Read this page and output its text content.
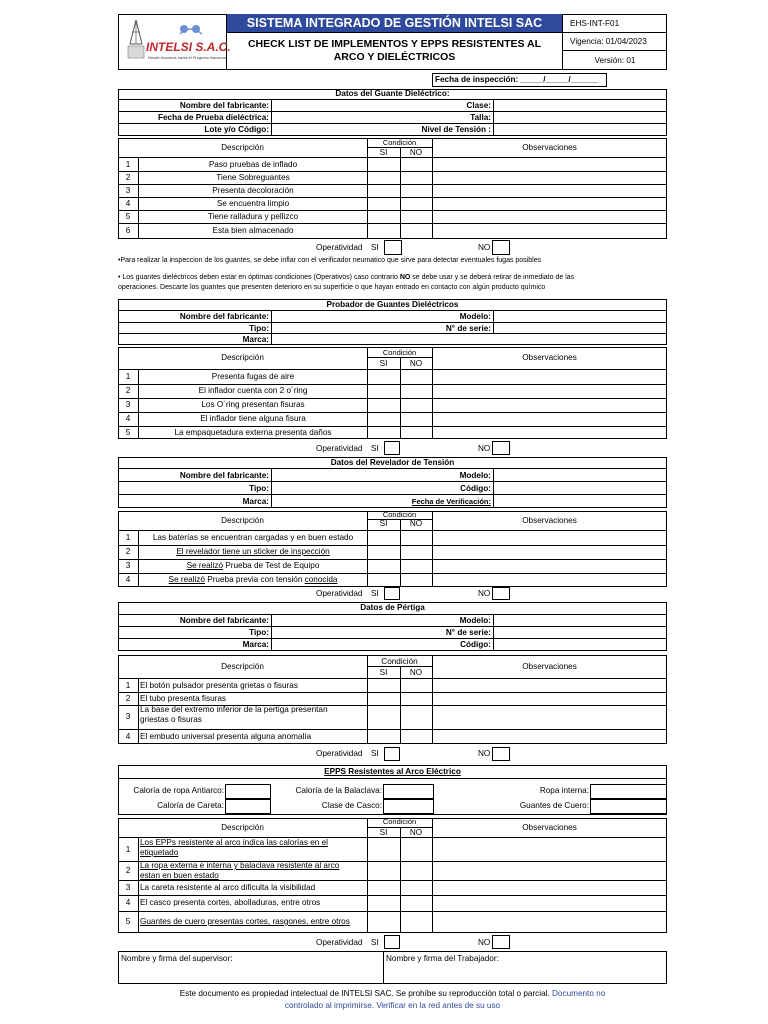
INTELSI S.A.C.
Desde Nosotros hacia el Progreso Nacional
SISTEMA INTEGRADO DE GESTIÓN INTELSI SAC
CHECK LIST DE IMPLEMENTOS Y EPPS RESISTENTES AL
ARCO Y DIELÉCTRICOS
EHS-INT-F01
Vigencia: 01/04/2023
Versión: 01
Fecha de inspección: _____/_____/______
Datos del Guante Dieléctrico:
Nombre del fabricante:
Fecha de Prueba dieléctrica:
Lote y/o Código:
Clase:
Talla:
Nivel de Tensión :
Descripción
Condición
SI	NO
Observaciones
1	Paso pruebas de inflado
2	Tiene Sobreguantes
3	Presenta decoloración
4	Se encuentra limpio
5	Tiene ralladura y pellizco
6	Esta bien almacenado
Operatividad SI	NO
•Para realizar la inspeccion de los guantes, se debe inflar con el verificador neumatico que sirve para detectar eventuales fugas posibles
• Los guantes dieléctricos deben estar en óptimas condiciones (Operativos) caso contrario NO se debe usar y se deberá retirar de inmediato de las
operaciones. Descarte los guantes que presenten deterioro en su superficie o que hayan entrado en contacto con algún producto químico
Probador de Guantes Dieléctricos
Nombre del fabricante:
Tipo:
Marca:
Modelo:
N° de serie:
Descripción
Condición
SI	NO
Observaciones
1	Presenta fugas de aire
2	El inflador cuenta con 2 o´ring
3	Los O´ring presentan fisuras
4	El inflador tiene alguna fisura
5	La empaquetadura externa presenta daños
Operatividad SI	NO
Datos del Revelador de Tensión
Nombre del fabricante:
Tipo:
Marca:
Modelo:
Código:
Fecha de Verificación:
Descripción
Condición
SI	NO	Observaciones
1	Las baterías se encuentran cargadas y en buen estado
2	El revelador tiene un sticker de inspección
3	Se realizó Prueba de Test de Equipo
4	Se realizó Prueba previa con tensión conocida
Operatividad SI	NO
Datos de Pértiga
Nombre del fabricante:
Tipo:
Marca:
Modelo:
N° de serie:
Código:
Descripción
Condición
SI	NO
Observaciones
1	El botón pulsador presenta grietas o fisuras
2	El tubo presenta fisuras
3
La base del extremo inferior de la pertiga presentan
griestas o fisuras
4	El embudo universal presenta alguna anomalía
Operatividad SI	NO
EPPS Resistentes al Arco Eléctrico
Caloría de ropa Antiarco:
Caloría de Careta:
Caloría de la Balaclava:
Clase de Casco:
Ropa interna:
Guantes de Cuero:
Descripción
Condición
SI	NO
Observaciones
1
Los EPPs resistente al arco indica las calorías en el
etiquetado
2	La ropa externa e interna y balaclava resistente al arco
estan en buen estado
3	La careta resistente al arco dificulta la visibilidad
4	El casco presenta cortes, abolladuras, entre otros
5	Guantes de cuero presentas cortes, rasgones, entre otros
Operatividad SI	NO
Nombre y firma del supervisor:	Nombre y firma del Trabajador:
Este documento es propiedad intelectual de INTELSI SAC. Se prohíbe su reproducción total o parcial. Documento no
controlado al imprimirse. Verificar en la red antes de su uso
